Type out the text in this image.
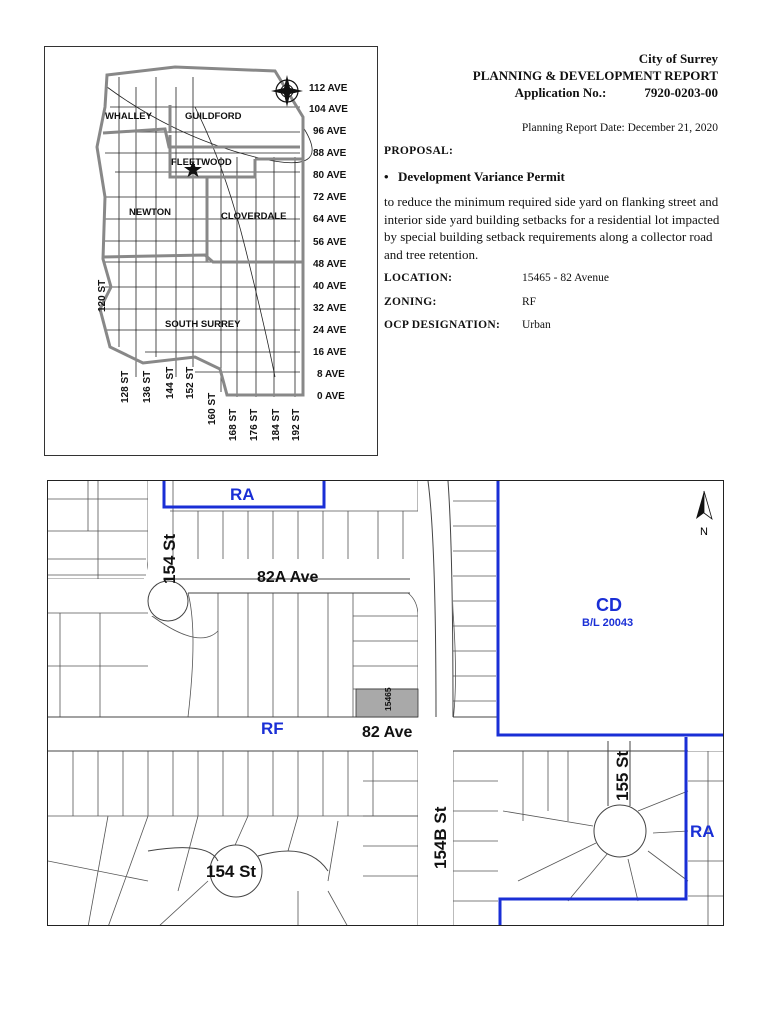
WHALLEY	GUILDFORD
FLEETWOOD
NEWTON	CLOVERDALE
SOUTH SURREY
112 AVE
104 AVE
96 AVE
88 AVE
80 AVE
72 AVE
64 AVE
56 AVE
48 AVE
40 AVE
32 AVE
24 AVE
16 AVE
8 AVE
0 AVE
120 ST
128 ST 136 ST 144 ST 152 ST
160 ST 168 ST 176 ST 184 ST 192 ST
City of Surrey
PLANNING & DEVELOPMENT REPORT
Application No.:	7920-0203-00
Planning Report Date: December 21, 2020
PROPOSAL:
• Development Variance Permit
to reduce the minimum required side yard on flanking street and interior side yard building setbacks for a residential lot impacted by special building setback requirements along a collector road and tree retention.
LOCATION:	15465 - 82 Avenue
ZONING:	RF
OCP DESIGNATION: Urban
N
RA
RF
CD
B/L 20043
RA
154 St	82A Ave
82 Ave
154B St
155 St
154 St
15465
